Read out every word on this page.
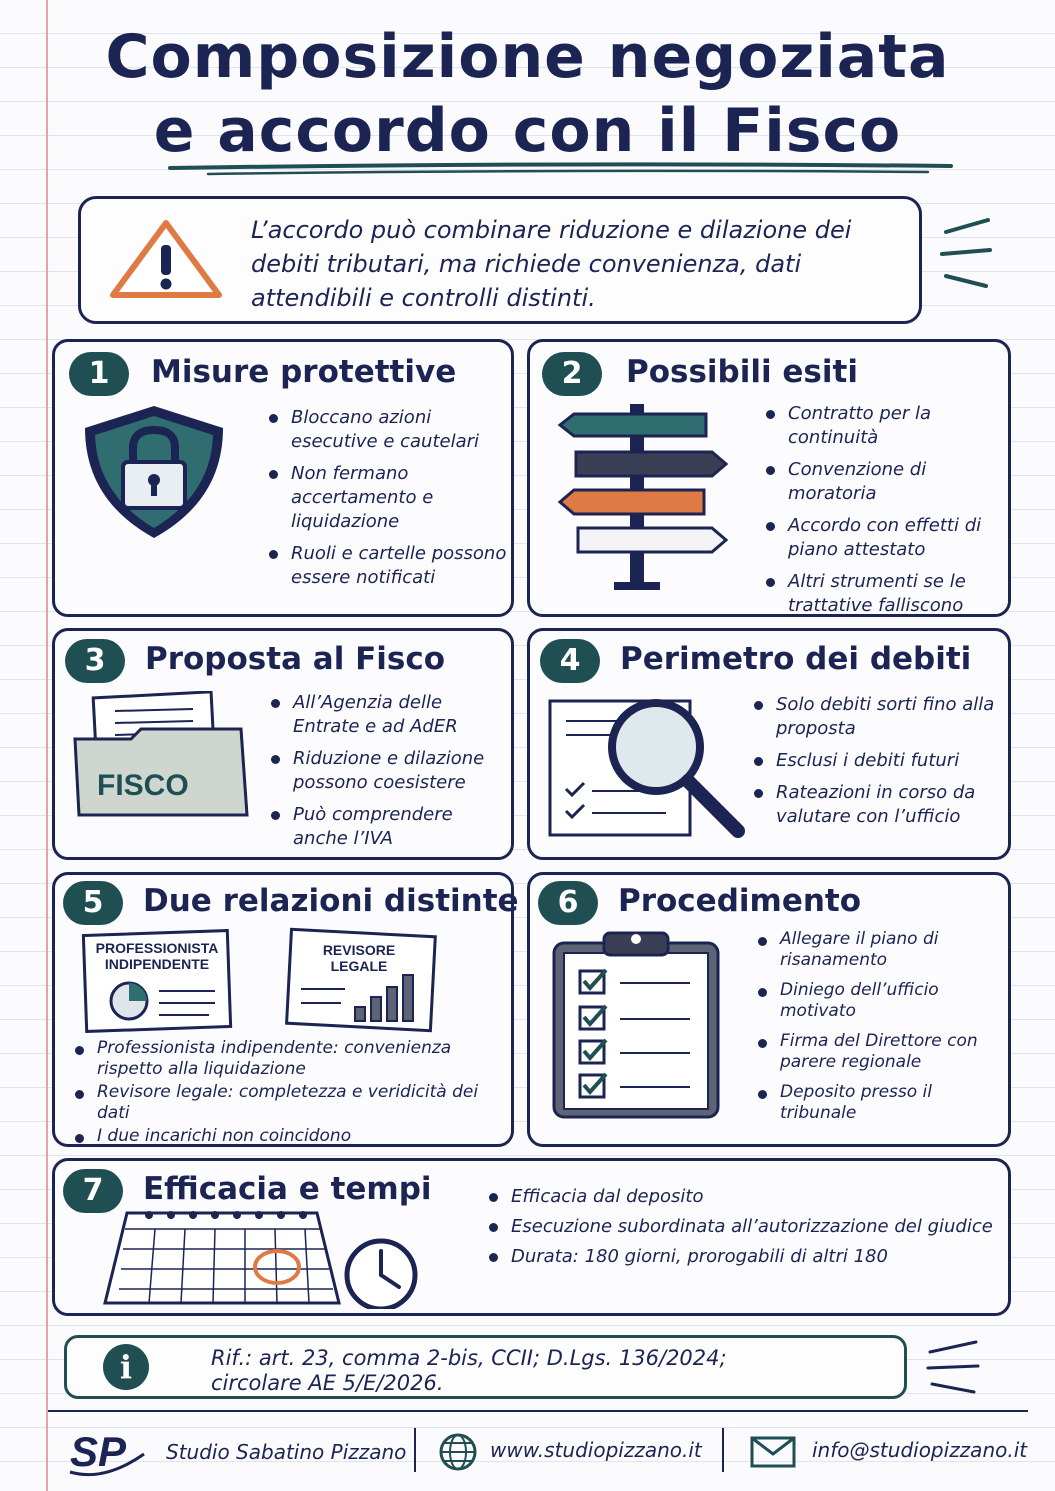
Composizione negoziata
e accordo con il Fisco
L’accordo può combinare riduzione e dilazione dei debiti tributari, ma richiede convenienza, dati attendibili e controlli distinti.
1	Misure protettive
Bloccano azioni esecutive e cautelari
Non fermano accertamento e liquidazione
Ruoli e cartelle possono essere notificati
2	Possibili esiti
Contratto per la continuità
Convenzione di moratoria
Accordo con effetti di piano attestato
Altri strumenti se le trattative falliscono
3	Proposta al Fisco
FISCO
All’Agenzia delle Entrate e ad AdER
Riduzione e dilazione possono coesistere
Può comprendere anche l’IVA
4	Perimetro dei debiti
Solo debiti sorti fino alla proposta
Esclusi i debiti futuri
Rateazioni in corso da valutare con l’ufficio
5	Due relazioni distinte
PROFESSIONISTA
INDIPENDENTE
REVISORE
LEGALE
Professionista indipendente: convenienza rispetto alla liquidazione
Revisore legale: completezza e veridicità dei dati
I due incarichi non coincidono
6	Procedimento
Allegare il piano di risanamento
Diniego dell’ufficio motivato
Firma del Direttore con parere regionale
Deposito presso il tribunale
7	Efficacia e tempi	Efficacia dal deposito
Esecuzione subordinata all’autorizzazione del giudice
Durata: 180 giorni, prorogabili di altri 180
i	Rif.: art. 23, comma 2-bis, CCII; D.Lgs. 136/2024;
circolare AE 5/E/2026.
SP Studio Sabatino Pizzano	www.studiopizzano.it	info@studiopizzano.it
